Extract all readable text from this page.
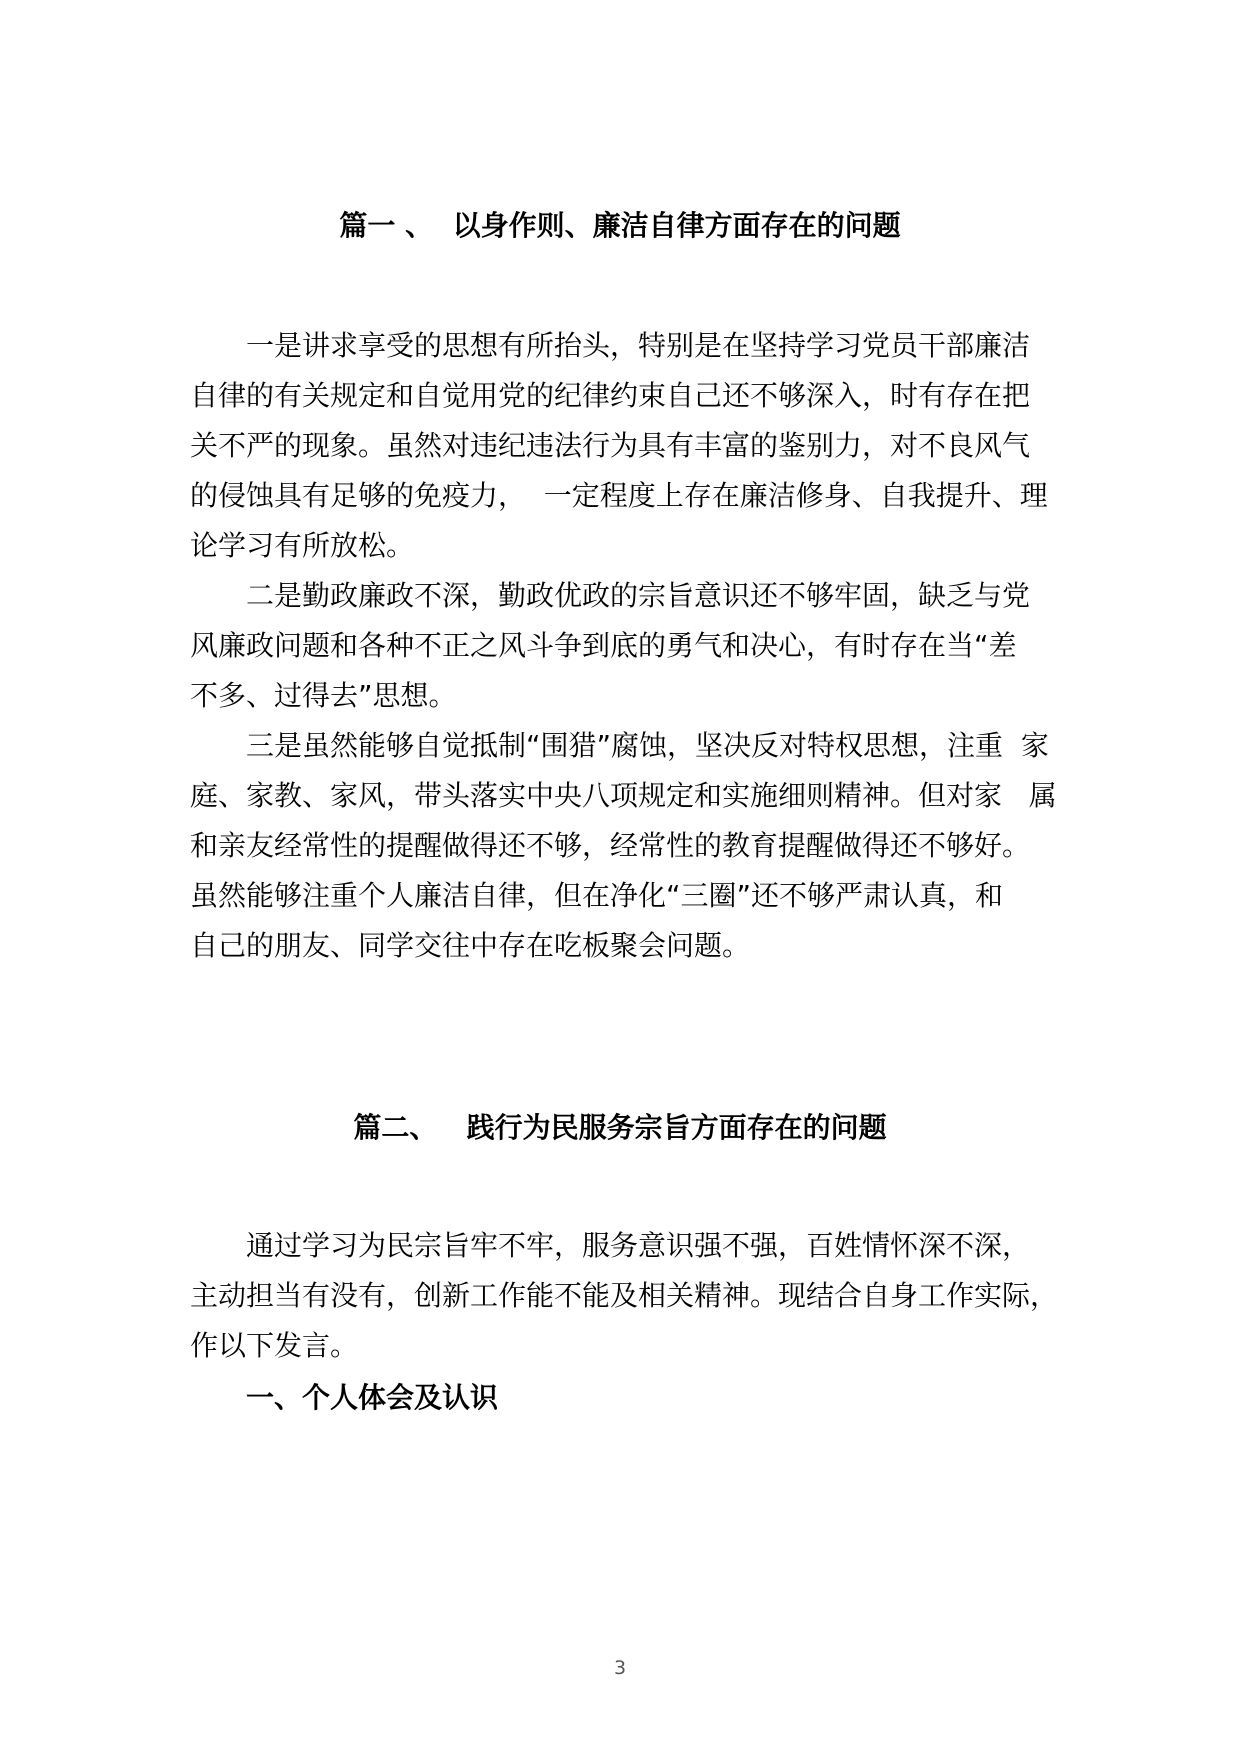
篇一 、  以身作则、廉洁自律方面存在的问题

一是讲求享受的思想有所抬头，特别是在坚持学习党员干部廉洁

自律的有关规定和自觉用党的纪律约束自己还不够深入，时有存在把

关不严的现象。虽然对违纪违法行为具有丰富的鉴别力，对不良风气

的侵蚀具有足够的免疫力，  一定程度上存在廉洁修身、自我提升、理

论学习有所放松。

二是勤政廉政不深，勤政优政的宗旨意识还不够牢固，缺乏与党

风廉政问题和各种不正之风斗争到底的勇气和决心，有时存在当“差

不多、过得去”思想。

三是虽然能够自觉抵制“围猎”腐蚀，坚决反对特权思想，注重  家

庭、家教、家风，带头落实中央八项规定和实施细则精神。但对家   属

和亲友经常性的提醒做得还不够，经常性的教育提醒做得还不够好。

虽然能够注重个人廉洁自律，但在净化“三圈”还不够严肃认真，和

自己的朋友、同学交往中存在吃板聚会问题。

篇二、   践行为民服务宗旨方面存在的问题

通过学习为民宗旨牢不牢，服务意识强不强，百姓情怀深不深，

主动担当有没有，创新工作能不能及相关精神。现结合自身工作实际，

作以下发言。

一、个人体会及认识
3
